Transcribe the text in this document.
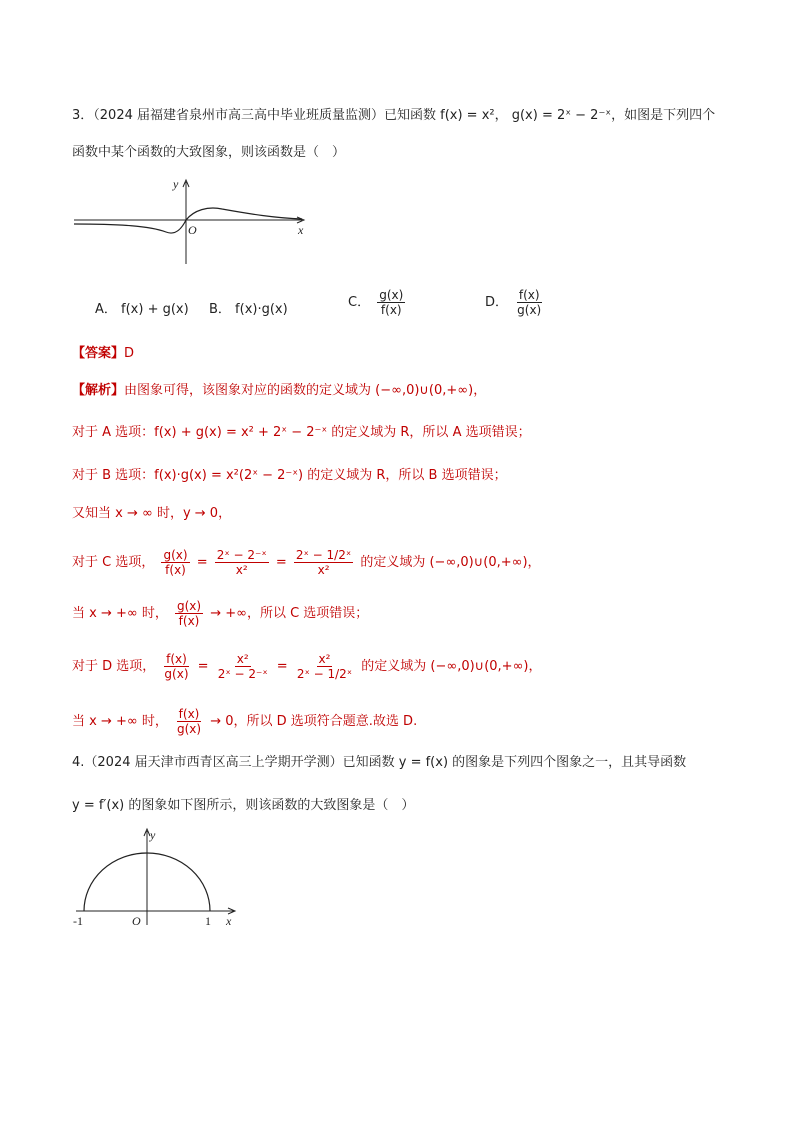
3．（2024 届福建省泉州市高三高中毕业班质量监测）已知函数 f(x) = x²， g(x) = 2ˣ − 2⁻ˣ，如图是下列四个
函数中某个函数的大致图象，则该函数是（　）
y
O	x
A． f(x) + g(x) B． f(x)·g(x)	C． $\frac{g(x)}{f(x)}$	D． $\frac{f(x)}{g(x)}$
【答案】D
【解析】由图象可得，该图象对应的函数的定义域为 (−∞,0)∪(0,+∞)，
对于 A 选项：f(x) + g(x) = x² + 2ˣ − 2⁻ˣ 的定义域为 R，所以 A 选项错误；
对于 B 选项：f(x)·g(x) = x²(2ˣ − 2⁻ˣ) 的定义域为 R，所以 B 选项错误；
又知当 x → ∞ 时，y → 0，
对于 C 选项， $\frac{g(x)}{f(x)} = \frac{\text{2ˣ − 2⁻ˣ}}{\text{x²}} = \frac{\text{2ˣ − 1/2ˣ}}{\text{x²}}$ 的定义域为 (−∞,0)∪(0,+∞)，
当 x → +∞ 时， $\frac{g(x)}{f(x)}$ → +∞，所以 C 选项错误；
对于 D 选项， $\frac{f(x)}{g(x)} = \frac{\text{x²}}{\text{2ˣ − 2⁻ˣ}} = \frac{\text{x²}}{\text{2ˣ − 1/2ˣ}}$ 的定义域为 (−∞,0)∪(0,+∞)，
当 x → +∞ 时， $\frac{f(x)}{g(x)} \to 0$，所以 D 选项符合题意.故选 D.
4.（2024 届天津市西青区高三上学期开学测）已知函数 y = f(x) 的图象是下列四个图象之一，且其导函数
y = f′(x) 的图象如下图所示，则该函数的大致图象是（　）
y
O	x
-1	1
